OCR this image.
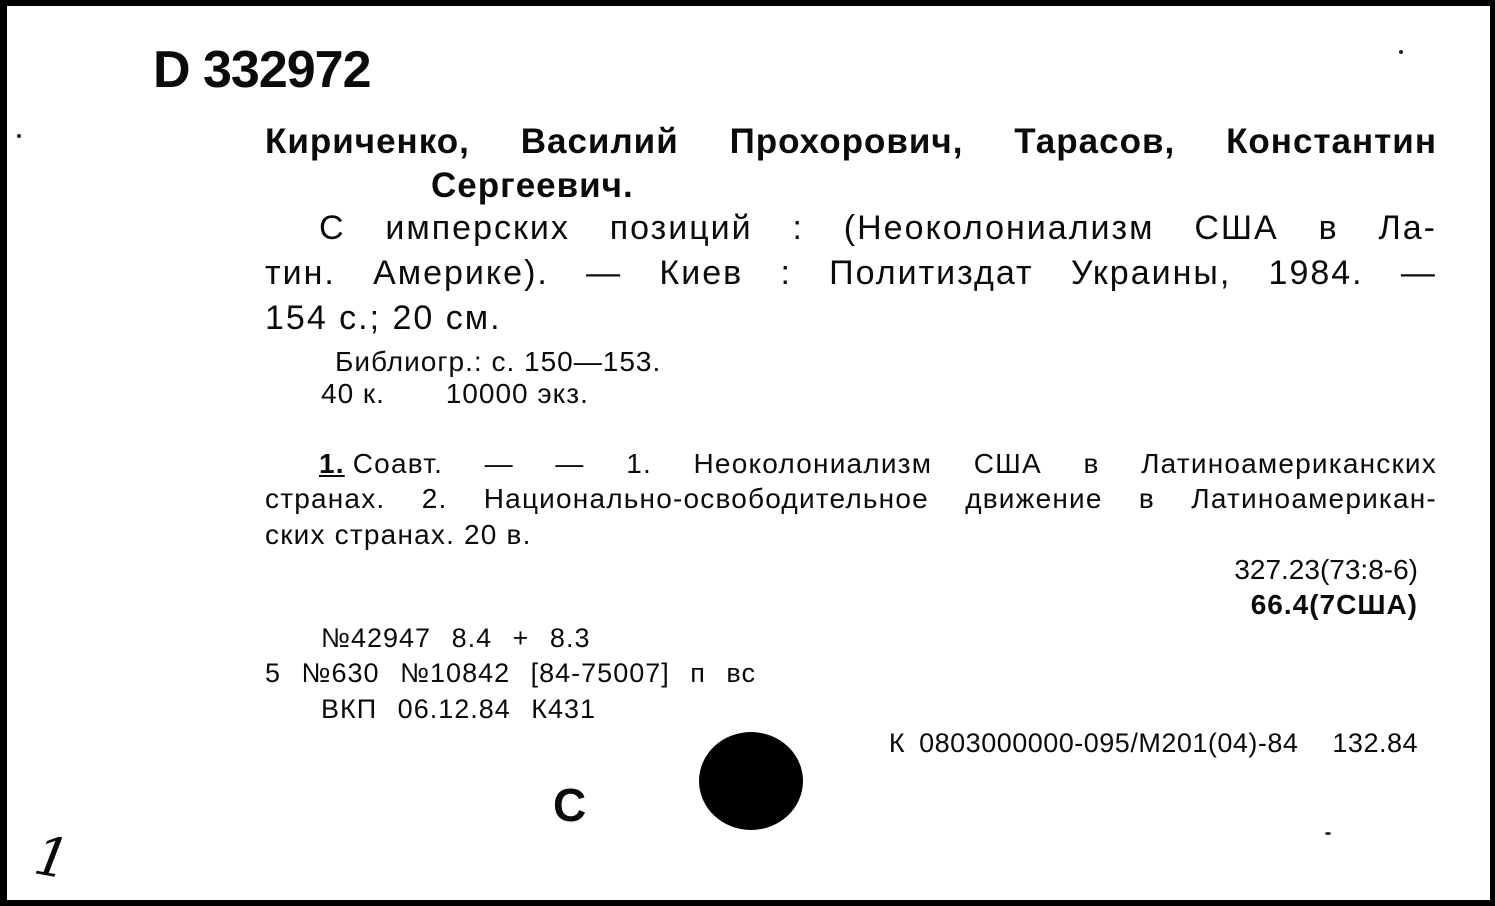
D 332972
Кириченко, Василий Прохорович, Тарасов, Константин
Сергеевич.
С имперских позиций : (Неоколониализм США в Ла-
тин. Америке). — Киев : Политиздат Украины, 1984. —
154 с.; 20 см.
Библиогр.: с. 150—153.
40 к. 10000 экз.
1. Соавт. — — 1. Неоколониализм США в Латиноамериканских
странах. 2. Национально-освободительное движение в Латиноамерикан-
ских странах. 20 в.
327.23(73:8-6)
66.4(7США)
№42947 8.4 + 8.3
5 №630 №10842 [84-75007] п вс
ВКП 06.12.84 К431
К 0803000000-095/М201(04)-84 132.84
С
1
